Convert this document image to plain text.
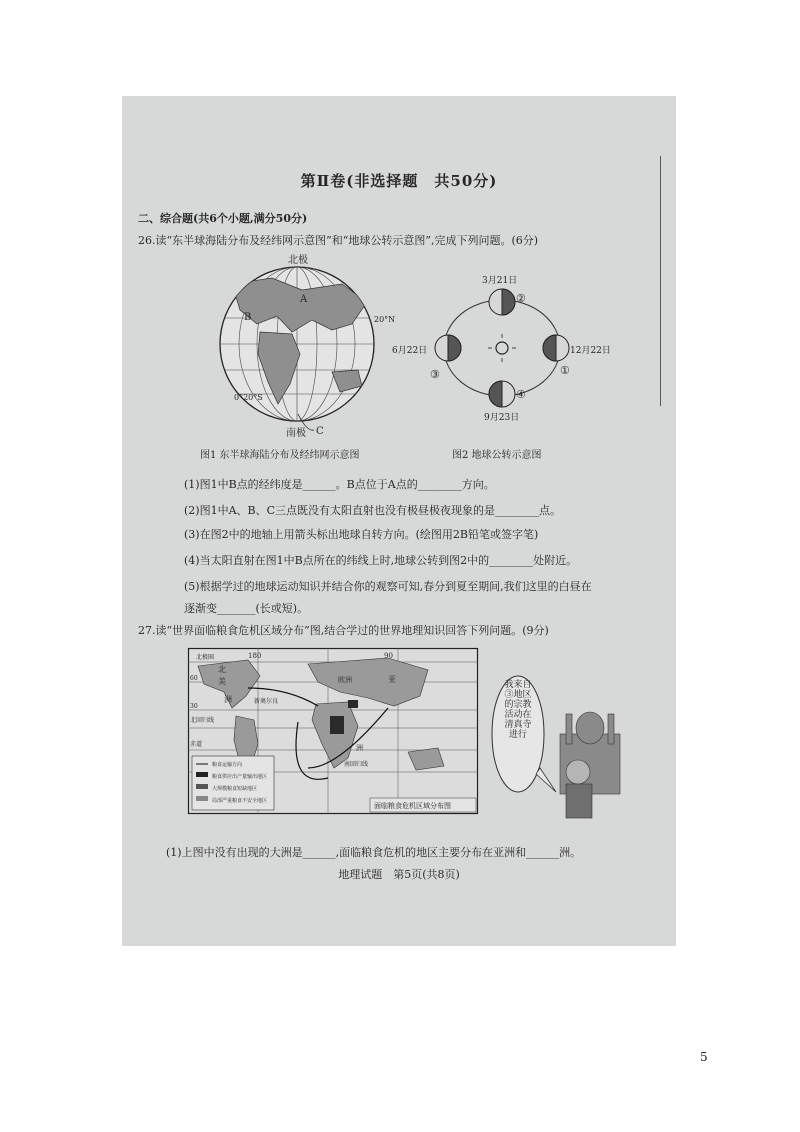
第Ⅱ卷(非选择题　共50分)
二、综合题(共6个小题,满分50分)
26.读“东半球海陆分布及经纬网示意图”和“地球公转示意图”,完成下列问题。(6分)
北极
南极
20°N
0°20°S
A
B
C
3月21日
②
6月22日
③
12月22日
①
④
9月23日
图1 东半球海陆分布及经纬网示意图	图2 地球公转示意图
(1)图1中B点的经纬度是______。B点位于A点的________方向。
(2)图1中A、B、C三点既没有太阳直射也没有极昼极夜现象的是________点。
(3)在图2中的地轴上用箭头标出地球自转方向。(绘图用2B铅笔或签字笔)
(4)当太阳直射在图1中B点所在的纬线上时,地球公转到图2中的________处附近。
(5)根据学过的地球运动知识并结合你的观察可知,春分到夏至期间,我们这里的白昼在
逐渐变_______(长或短)。
27.读“世界面临粮食危机区域分布”图,结合学过的世界地理知识回答下列问题。(9分)
北极圈	180	90
北
美
洲
60
30
欧洲	亚
新奥尔良
北回归线
赤道
南回归线
洲
粮食运输方向
粮食供应出产量输出地区
大规模粮食短缺地区
局部严重粮食不安全地区
面临粮食危机区域分布图
我来自③地区的宗教活动在清真寺进行
(1)上图中没有出现的大洲是______,面临粮食危机的地区主要分布在亚洲和______洲。
地理试题　第5页(共8页)
5
